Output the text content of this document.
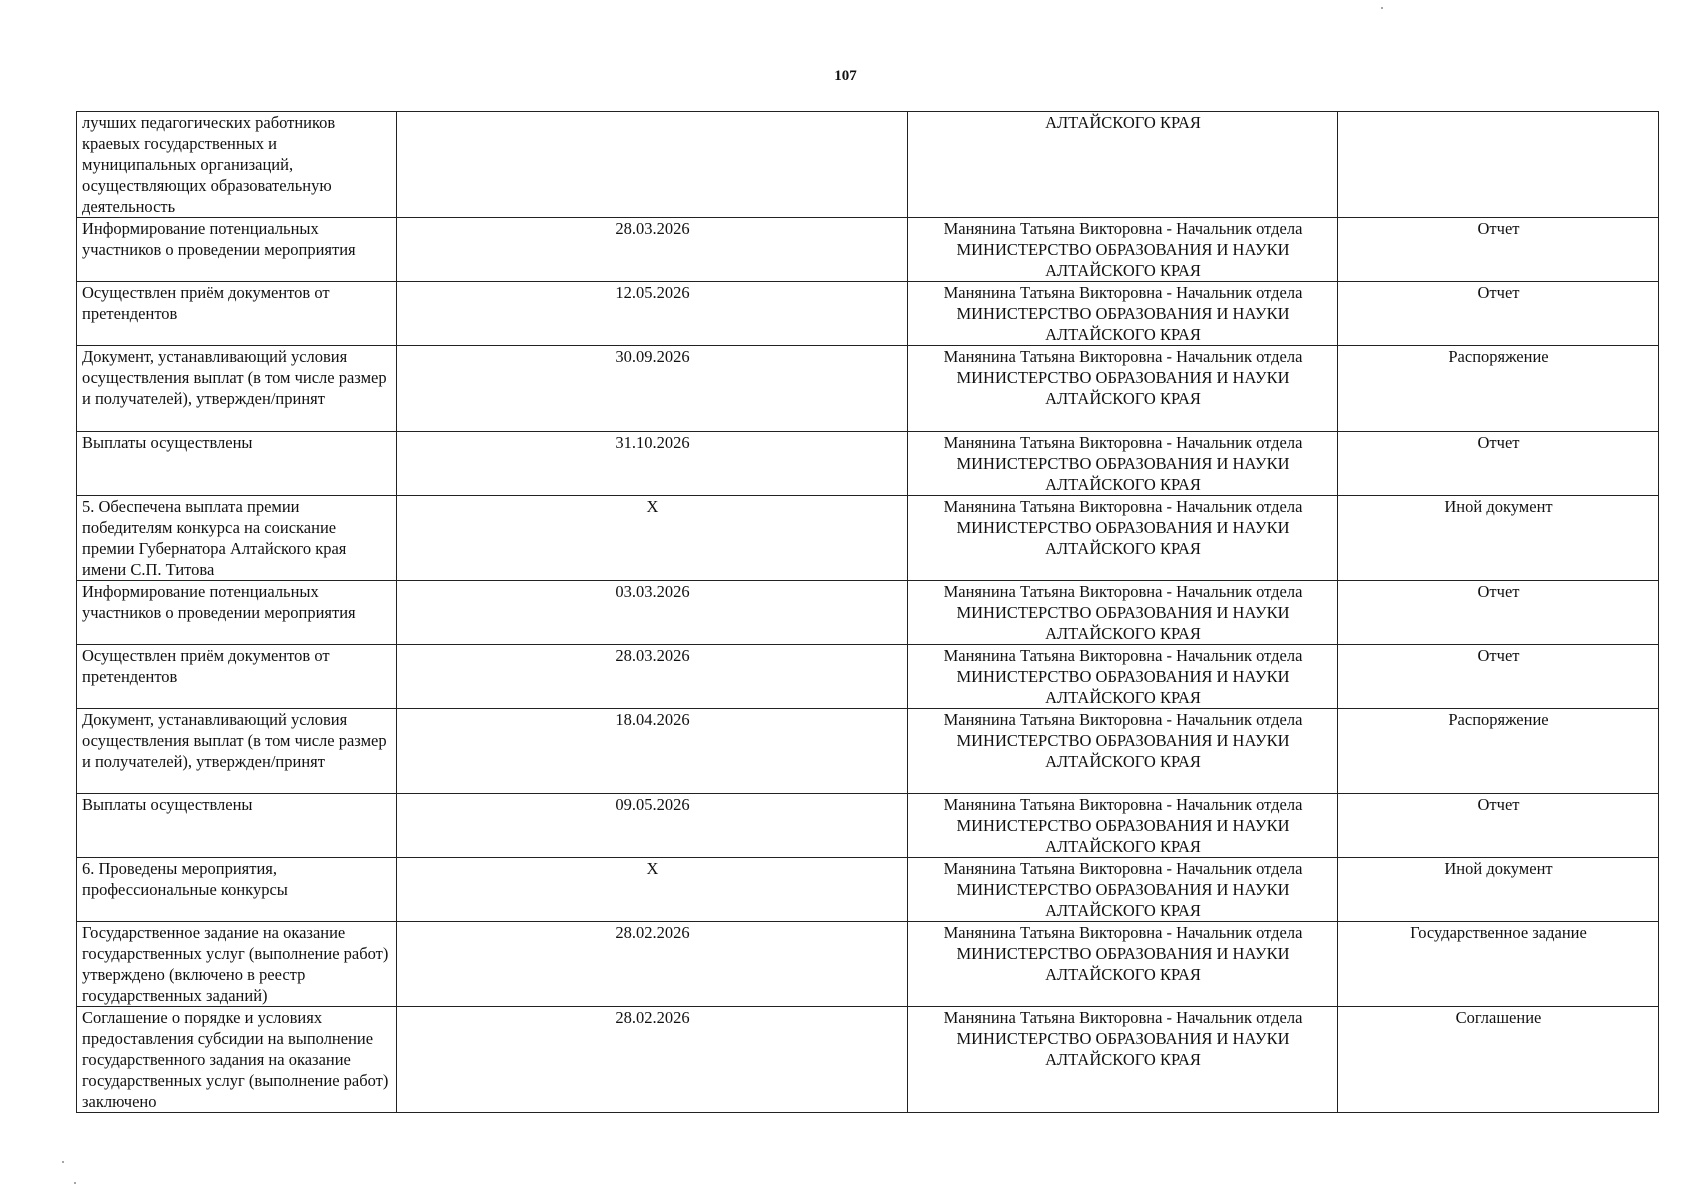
107
лучших педагогических работников краевых государственных и муниципальных организаций, осуществляющих образовательную деятельность		АЛТАЙСКОГО КРАЯ	
Информирование потенциальных участников о проведении мероприятия	28.03.2026	Манянина Татьяна Викторовна - Начальник отдела МИНИСТЕРСТВО ОБРАЗОВАНИЯ И НАУКИ АЛТАЙСКОГО КРАЯ	Отчет
Осуществлен приём документов от претендентов	12.05.2026	Манянина Татьяна Викторовна - Начальник отдела МИНИСТЕРСТВО ОБРАЗОВАНИЯ И НАУКИ АЛТАЙСКОГО КРАЯ	Отчет
Документ, устанавливающий условия осуществления выплат (в том числе размер и получателей), утвержден/принят	30.09.2026	Манянина Татьяна Викторовна - Начальник отдела МИНИСТЕРСТВО ОБРАЗОВАНИЯ И НАУКИ АЛТАЙСКОГО КРАЯ	Распоряжение
Выплаты осуществлены	31.10.2026	Манянина Татьяна Викторовна - Начальник отдела МИНИСТЕРСТВО ОБРАЗОВАНИЯ И НАУКИ АЛТАЙСКОГО КРАЯ	Отчет
5. Обеспечена выплата премии победителям конкурса на соискание премии Губернатора Алтайского края имени С.П. Титова	X	Манянина Татьяна Викторовна - Начальник отдела МИНИСТЕРСТВО ОБРАЗОВАНИЯ И НАУКИ АЛТАЙСКОГО КРАЯ	Иной документ
Информирование потенциальных участников о проведении мероприятия	03.03.2026	Манянина Татьяна Викторовна - Начальник отдела МИНИСТЕРСТВО ОБРАЗОВАНИЯ И НАУКИ АЛТАЙСКОГО КРАЯ	Отчет
Осуществлен приём документов от претендентов	28.03.2026	Манянина Татьяна Викторовна - Начальник отдела МИНИСТЕРСТВО ОБРАЗОВАНИЯ И НАУКИ АЛТАЙСКОГО КРАЯ	Отчет
Документ, устанавливающий условия осуществления выплат (в том числе размер и получателей), утвержден/принят	18.04.2026	Манянина Татьяна Викторовна - Начальник отдела МИНИСТЕРСТВО ОБРАЗОВАНИЯ И НАУКИ АЛТАЙСКОГО КРАЯ	Распоряжение
Выплаты осуществлены	09.05.2026	Манянина Татьяна Викторовна - Начальник отдела МИНИСТЕРСТВО ОБРАЗОВАНИЯ И НАУКИ АЛТАЙСКОГО КРАЯ	Отчет
6. Проведены мероприятия, профессиональные конкурсы	X	Манянина Татьяна Викторовна - Начальник отдела МИНИСТЕРСТВО ОБРАЗОВАНИЯ И НАУКИ АЛТАЙСКОГО КРАЯ	Иной документ
Государственное задание на оказание государственных услуг (выполнение работ) утверждено (включено в реестр государственных заданий)	28.02.2026	Манянина Татьяна Викторовна - Начальник отдела МИНИСТЕРСТВО ОБРАЗОВАНИЯ И НАУКИ АЛТАЙСКОГО КРАЯ	Государственное задание
Соглашение о порядке и условиях предоставления субсидии на выполнение государственного задания на оказание государственных услуг (выполнение работ) заключено	28.02.2026	Манянина Татьяна Викторовна - Начальник отдела МИНИСТЕРСТВО ОБРАЗОВАНИЯ И НАУКИ АЛТАЙСКОГО КРАЯ	Соглашение
